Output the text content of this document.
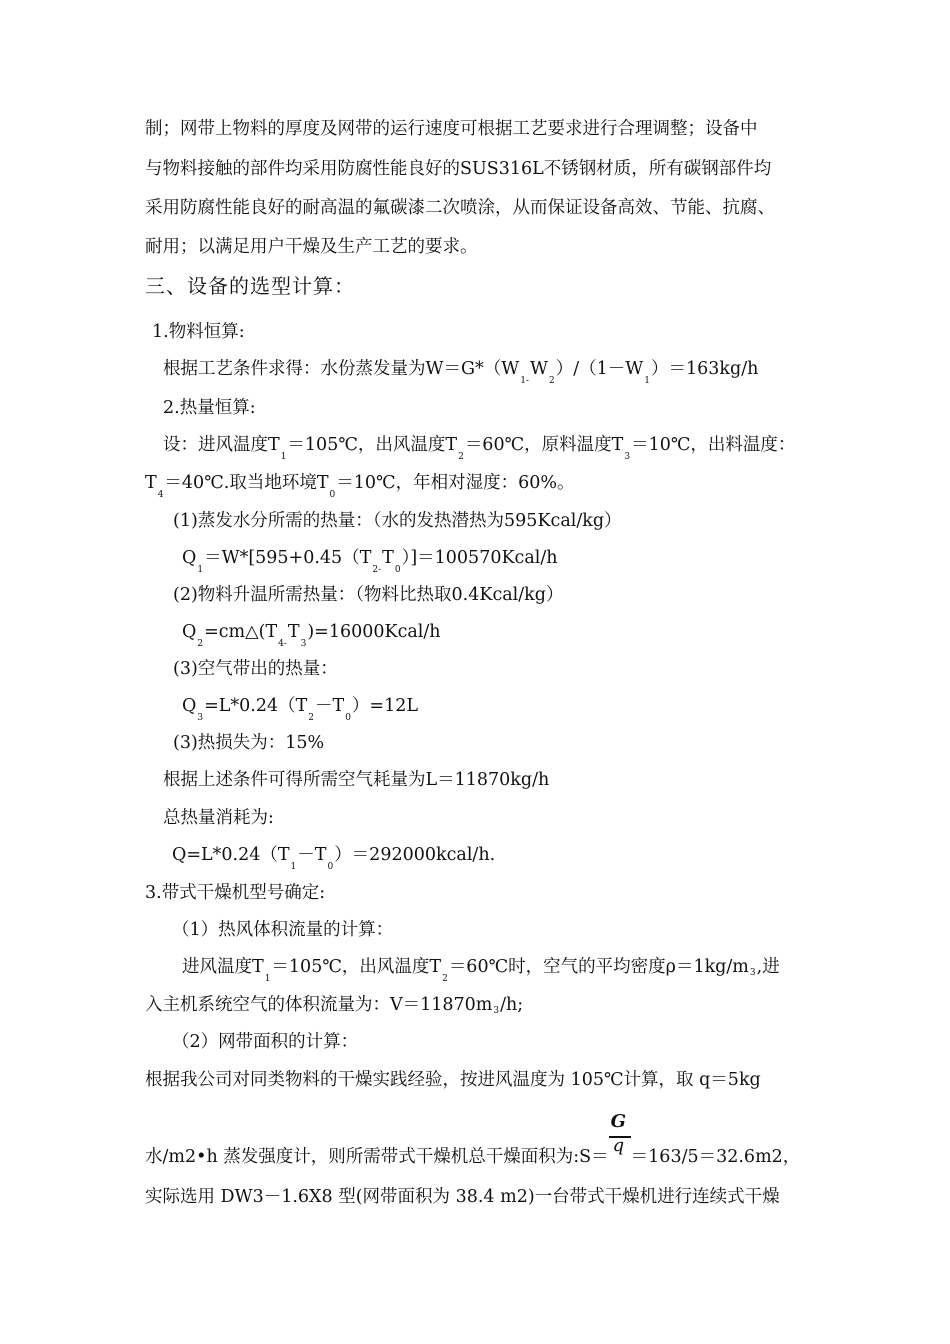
制；网带上物料的厚度及网带的运行速度可根据工艺要求进行合理调整；设备中
与物料接触的部件均采用防腐性能良好的SUS316L不锈钢材质，所有碳钢部件均
采用防腐性能良好的耐高温的氟碳漆二次喷涂，从而保证设备高效、节能、抗腐、
耐用；以满足用户干燥及生产工艺的要求。
三、设备的选型计算：
1.物料恒算:
根据工艺条件求得：水份蒸发量为W＝G*（W1-W2）/（1－W1）＝163kg/h
2.热量恒算:
设：进风温度T1＝105℃，出风温度T2＝60℃，原料温度T3＝10℃，出料温度：
T4＝40℃.取当地环境T0＝10℃，年相对湿度：60%。
(1)蒸发水分所需的热量：（水的发热潜热为595Kcal/kg）
Q1＝W*[595+0.45（T2-T0）]＝100570Kcal/h
(2)物料升温所需热量：（物料比热取0.4Kcal/kg）
Q2=cm△(T4-T3)=16000Kcal/h
(3)空气带出的热量：
Q3=L*0.24（T2－T0）=12L
(3)热损失为：15%
根据上述条件可得所需空气耗量为L＝11870kg/h
总热量消耗为:
Q=L*0.24（T1－T0）＝292000kcal/h.
3.带式干燥机型号确定:
（1）热风体积流量的计算：
进风温度T1＝105℃，出风温度T2＝60℃时，空气的平均密度ρ＝1kg/m3,进
入主机系统空气的体积流量为：V＝11870m3/h;
（2）网带面积的计算：
根据我公司对同类物料的干燥实践经验，按进风温度为 105℃计算，取 q＝5kg
水/m2•h 蒸发强度计，则所需带式干燥机总干燥面积为:S＝ $\frac{G}{q} =163/5=32.6m2$，
实际选用 DW3－1.6X8 型(网带面积为 38.4 m2)一台带式干燥机进行连续式干燥
